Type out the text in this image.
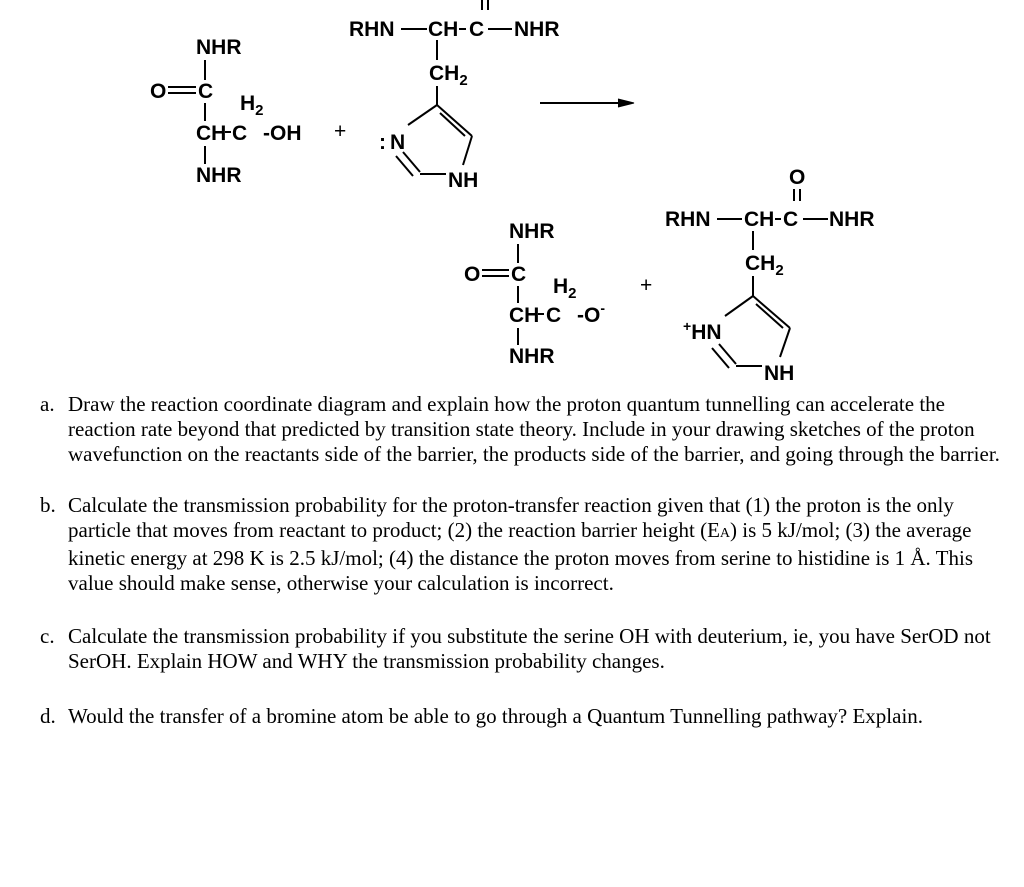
NHR
O C
CH C
$H_2$
-OH
NHR
+
RHN CH C NHR
$CH_2$
: N
NH
NHR
O C
CH C
$H_2$
-O-
NHR
+
O
RHN CH C NHR
$CH_2$
+HN
NH
a. Draw the reaction coordinate diagram and explain how the proton quantum tunnelling can accelerate the reaction rate beyond that predicted by transition state theory. Include in your drawing sketches of the proton wavefunction on the reactants side of the barrier, the products side of the barrier, and going through the barrier.
b. Calculate the transmission probability for the proton-transfer reaction given that (1) the proton is the only particle that moves from reactant to product; (2) the reaction barrier height (EA) is 5 kJ/mol; (3) the average kinetic energy at 298 K is 2.5 kJ/mol; (4) the distance the proton moves from serine to histidine is 1 Å. This value should make sense, otherwise your calculation is incorrect.
c. Calculate the transmission probability if you substitute the serine OH with deuterium, ie, you have SerOD not SerOH. Explain HOW and WHY the transmission probability changes.
d. Would the transfer of a bromine atom be able to go through a Quantum Tunnelling pathway? Explain.
